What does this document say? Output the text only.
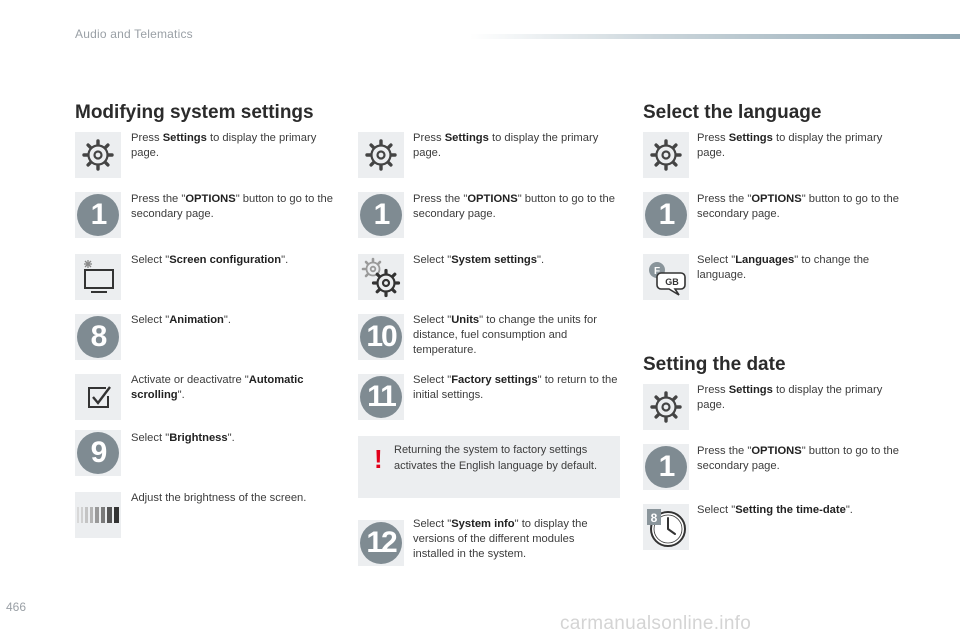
Audio and Telematics
Modifying system settings	Select the language
Setting the date
Press Settings to display the primary page.
1	Press the "OPTIONS" button to go to the secondary page.
Select "Screen configuration".
8	Select "Animation".
Activate or deactivatre "Automatic scrolling".
9	Select "Brightness".
Adjust the brightness of the screen.
Press Settings to display the primary page.
1	Press the "OPTIONS" button to go to the secondary page.
Select "System settings".
10	Select "Units" to change the units for distance, fuel consumption and temperature.
11	Select "Factory settings" to return to the initial settings.
! Returning the system to factory settings activates the English language by default.
12
Select "System info" to display the versions of the different modules installed in the system.
Press Settings to display the primary page.
1	Press the "OPTIONS" button to go to the secondary page.
F
GB
Select "Languages" to change the language.
Press Settings to display the primary page.
1	Press the "OPTIONS" button to go to the secondary page.
8
Select "Setting the time-date".
466
carmanualsonline.info
